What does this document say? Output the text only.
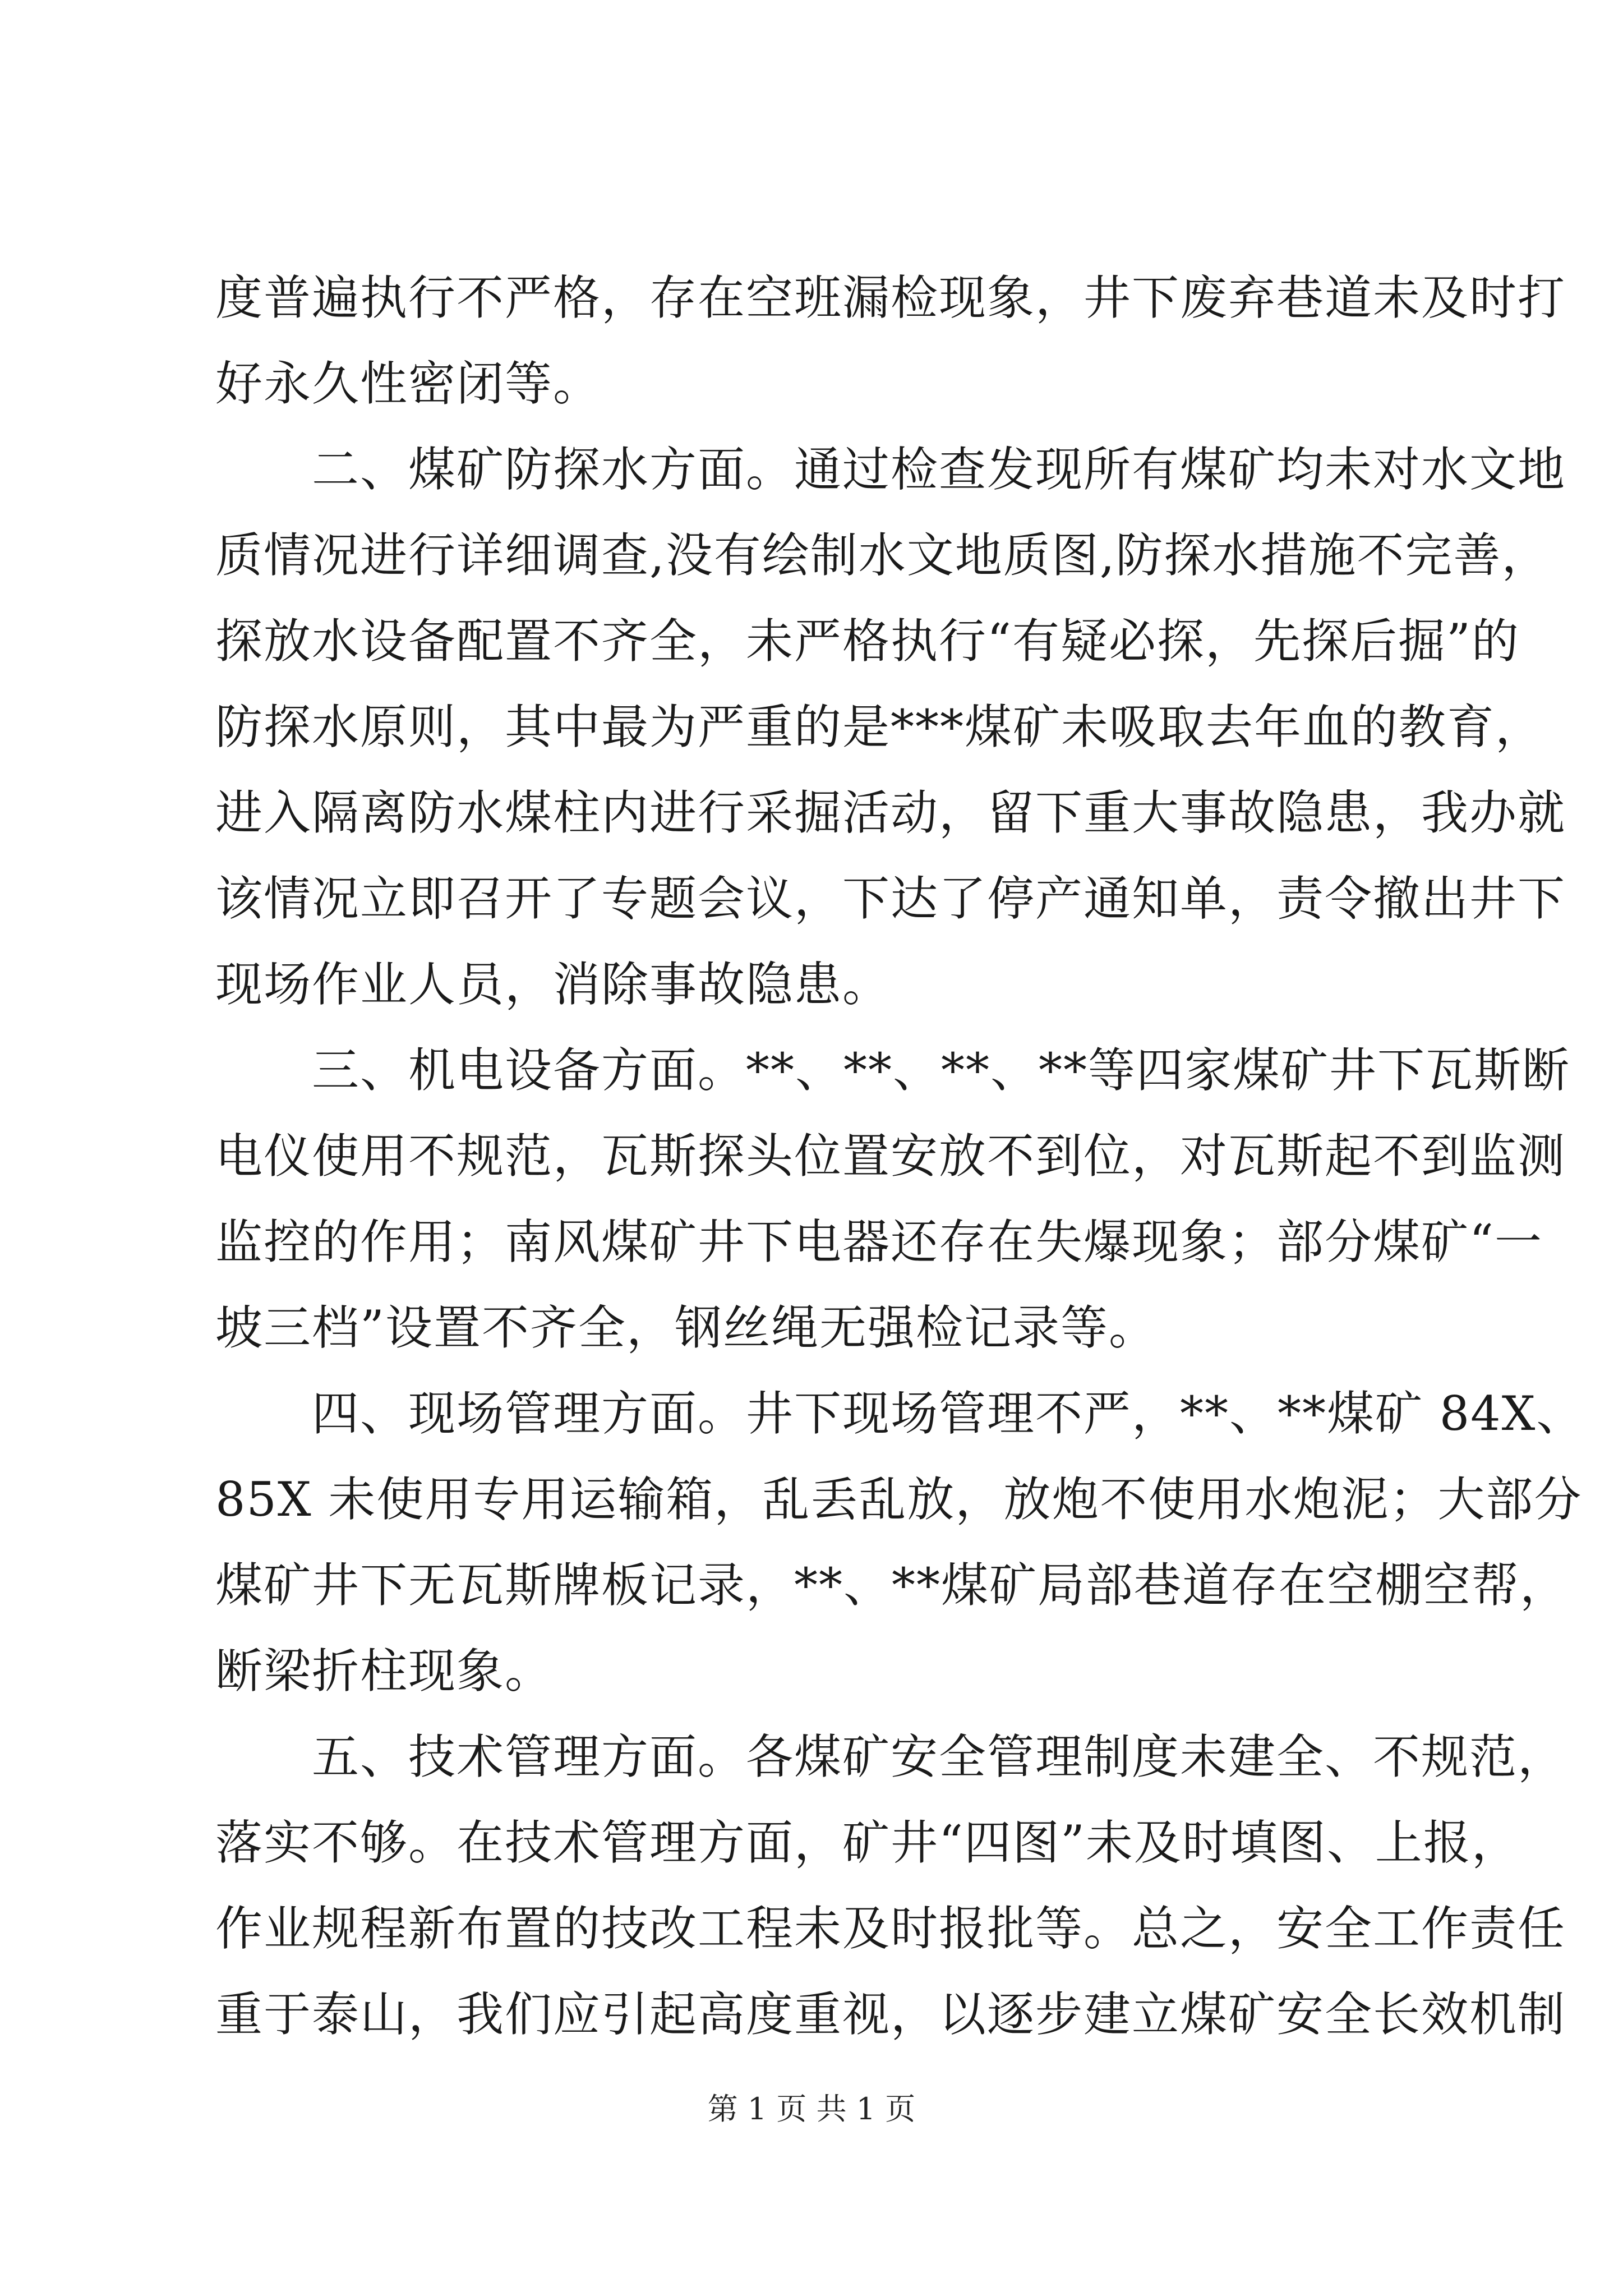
度普遍执行不严格，存在空班漏检现象，井下废弃巷道未及时打
好永久性密闭等。
　　二、煤矿防探水方面。通过检查发现所有煤矿均未对水文地
质情况进行详细调查,没有绘制水文地质图,防探水措施不完善，
探放水设备配置不齐全，未严格执行“有疑必探，先探后掘”的
防探水原则，其中最为严重的是***煤矿未吸取去年血的教育，
进入隔离防水煤柱内进行采掘活动，留下重大事故隐患，我办就
该情况立即召开了专题会议，下达了停产通知单，责令撤出井下
现场作业人员，消除事故隐患。
　　三、机电设备方面。**、**、**、**等四家煤矿井下瓦斯断
电仪使用不规范，瓦斯探头位置安放不到位，对瓦斯起不到监测
监控的作用；南风煤矿井下电器还存在失爆现象；部分煤矿“一
坡三档”设置不齐全，钢丝绳无强检记录等。
　　四、现场管理方面。井下现场管理不严，**、**煤矿 84X、
85X 未使用专用运输箱，乱丢乱放，放炮不使用水炮泥；大部分
煤矿井下无瓦斯牌板记录，**、**煤矿局部巷道存在空棚空帮，
断梁折柱现象。
　　五、技术管理方面。各煤矿安全管理制度未建全、不规范，
落实不够。在技术管理方面，矿井“四图”未及时填图、上报，
作业规程新布置的技改工程未及时报批等。总之，安全工作责任
重于泰山，我们应引起高度重视，以逐步建立煤矿安全长效机制
第 1 页 共 1 页
